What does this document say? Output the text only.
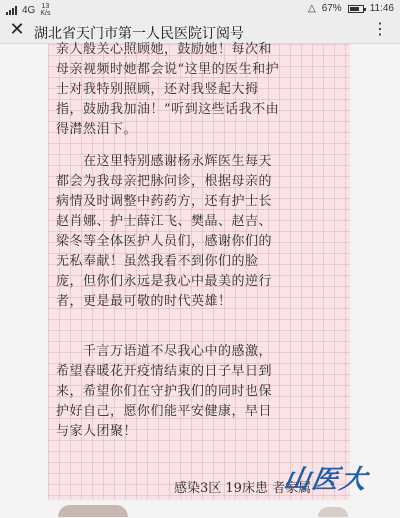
4G 13
K/s	△ 67%	11:46
✕ 湖北省天门市第一人民医院订阅号	⋮
亲人般关心照顾她，鼓励她！每次和
母亲视频时她都会说“这里的医生和护
士对我特别照顾，还对我竖起大拇
指，鼓励我加油！”听到这些话我不由
得潸然泪下。
　　在这里特别感谢杨永辉医生每天
都会为我母亲把脉问诊，根据母亲的
病情及时调整中药药方，还有护士长
赵肖娜、护士薛江飞、樊晶、赵吉、
梁冬等全体医护人员们，感谢你们的
无私奉献！虽然我看不到你们的脸
庞，但你们永远是我心中最美的逆行
者，更是最可敬的时代英雄！
　　千言万语道不尽我心中的感激，
希望春暖花开疫情结束的日子早日到
来，希望你们在守护我们的同时也保
护好自己，愿你们能平安健康，早日
与家人团聚！
感染3区 19床患 者家属
山医大
